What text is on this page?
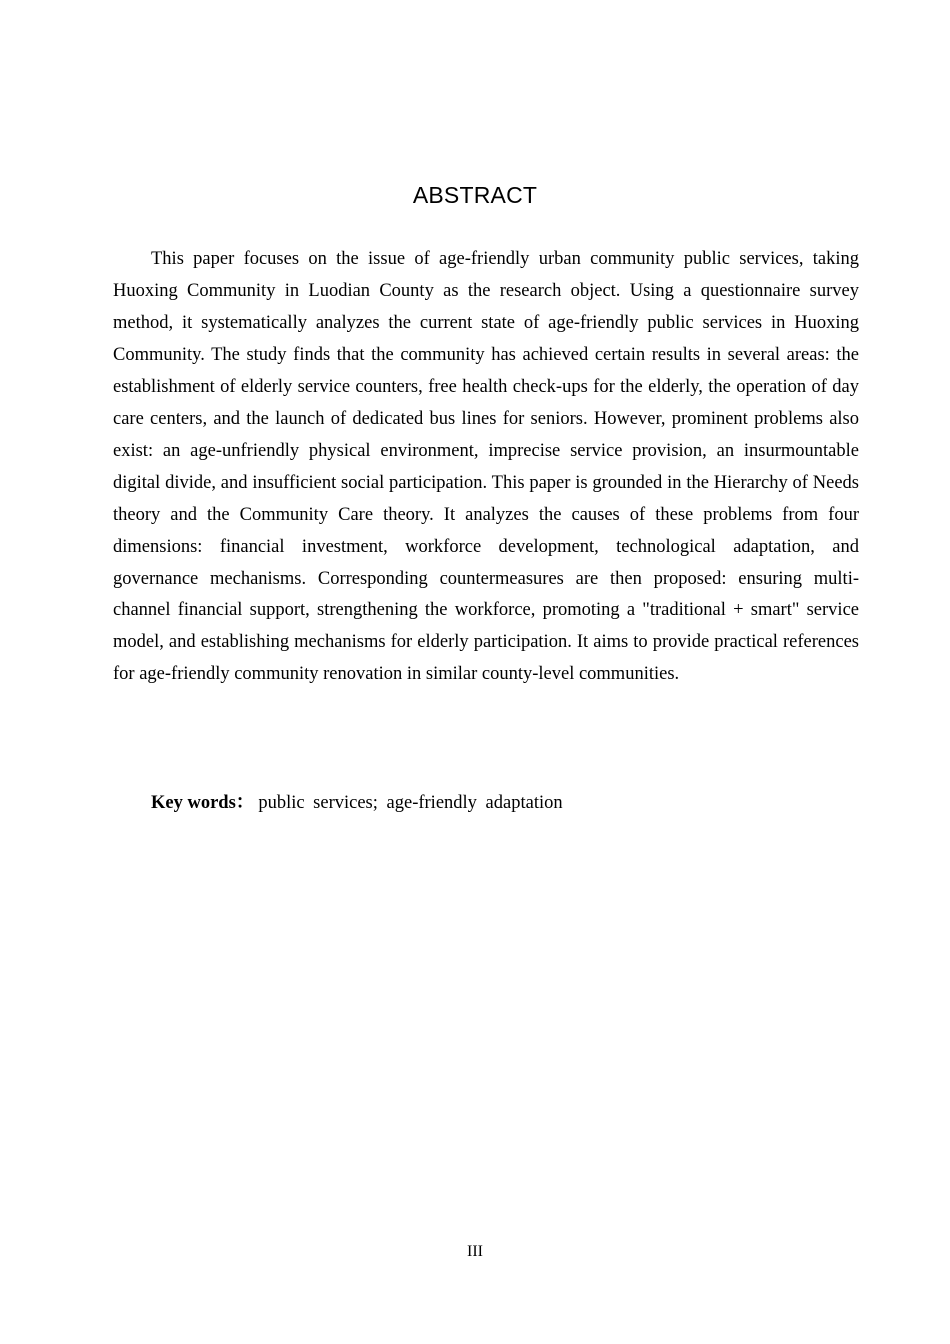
ABSTRACT

This paper focuses on the issue of age-friendly urban community public services, taking Huoxing Community in Luodian County as the research object. Using a questionnaire survey method, it systematically analyzes the current state of age-friendly public services in Huoxing Community. The study finds that the community has achieved certain results in several areas: the establishment of elderly service counters, free health check-ups for the elderly, the operation of day care centers, and the launch of dedicated bus lines for seniors. However, prominent problems also exist: an age-unfriendly physical environment, imprecise service provision, an insurmountable digital divide, and insufficient social participation. This paper is grounded in the Hierarchy of Needs theory and the Community Care theory. It analyzes the causes of these problems from four dimensions: financial investment, workforce development, technological adaptation, and governance mechanisms. Corresponding countermeasures are then proposed: ensuring multi-channel financial support, strengthening the workforce, promoting a "traditional + smart" service model, and establishing mechanisms for elderly participation. It aims to provide practical references for age-friendly community renovation in similar county-level communities.

Key words： public services; age-friendly adaptation
III
